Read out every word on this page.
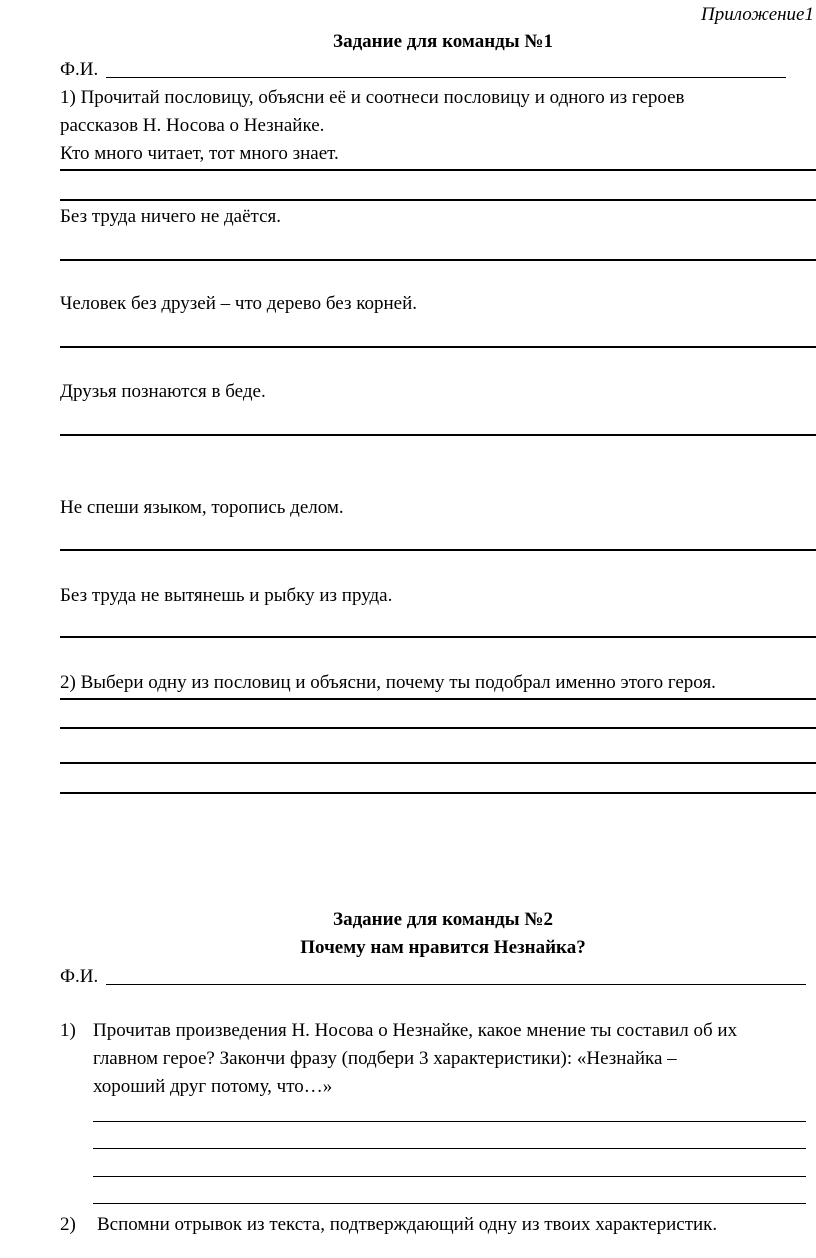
Приложение1
Задание для команды №1
Ф.И.
1) Прочитай пословицу, объясни её и соотнеси пословицу и одного из героев
рассказов Н. Носова о Незнайке.
Кто много читает, тот много знает.
Без труда ничего не даётся.
Человек без друзей – что дерево без корней.
Друзья познаются в беде.
Не спеши языком, торопись делом.
Без труда не вытянешь и рыбку из пруда.
2) Выбери одну из пословиц и объясни, почему ты подобрал именно этого героя.
Задание для команды №2
Почему нам нравится Незнайка?
Ф.И.
1) Прочитав произведения Н. Носова о Незнайке, какое мнение ты составил об их
главном герое? Закончи фразу (подбери 3 характеристики): «Незнайка –
хороший друг потому, что…»
2) Вспомни отрывок из текста, подтверждающий одну из твоих характеристик.
